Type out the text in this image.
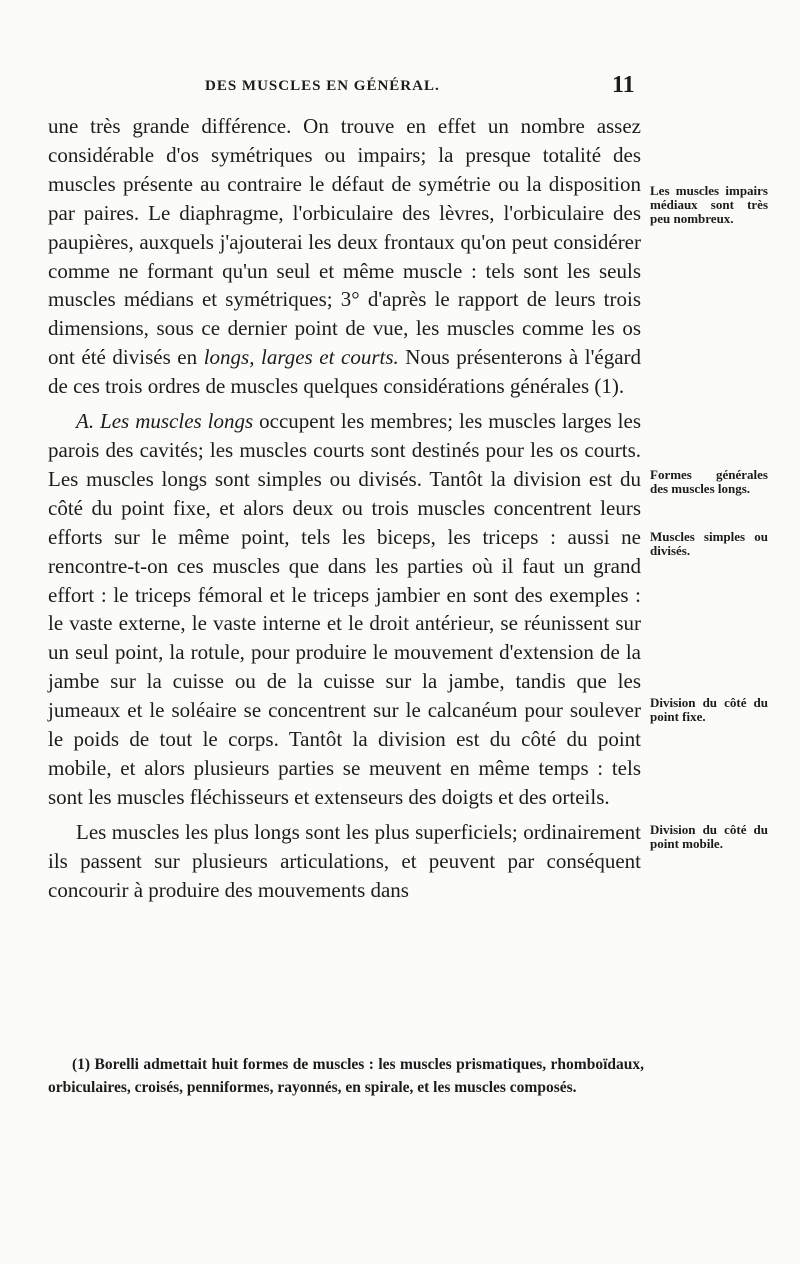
DES MUSCLES EN GÉNÉRAL.	11

une très grande différence. On trouve en effet un nombre assez considérable d'os symétriques ou impairs; la presque totalité des muscles présente au contraire le défaut de symétrie ou la disposition par paires. Le diaphragme, l'orbiculaire des lèvres, l'orbiculaire des paupières, auxquels j'ajouterai les deux frontaux qu'on peut considérer comme ne formant qu'un seul et même muscle : tels sont les seuls muscles médians et symétriques; 3° d'après le rapport de leurs trois dimensions, sous ce dernier point de vue, les muscles comme les os ont été divisés en longs, larges et courts. Nous présenterons à l'égard de ces trois ordres de muscles quelques considérations générales (1).

A. Les muscles longs occupent les membres; les muscles larges les parois des cavités; les muscles courts sont destinés pour les os courts. Les muscles longs sont simples ou divisés. Tantôt la division est du côté du point fixe, et alors deux ou trois muscles concentrent leurs efforts sur le même point, tels les biceps, les triceps : aussi ne rencontre-t-on ces muscles que dans les parties où il faut un grand effort : le triceps fémoral et le triceps jambier en sont des exemples : le vaste externe, le vaste interne et le droit antérieur, se réunissent sur un seul point, la rotule, pour produire le mouvement d'extension de la jambe sur la cuisse ou de la cuisse sur la jambe, tandis que les jumeaux et le soléaire se concentrent sur le calcanéum pour soulever le poids de tout le corps. Tantôt la division est du côté du point mobile, et alors plusieurs parties se meuvent en même temps : tels sont les muscles fléchisseurs et extenseurs des doigts et des orteils.

Les muscles les plus longs sont les plus superficiels; ordinairement ils passent sur plusieurs articulations, et peuvent par conséquent concourir à produire des mouvements dans

Les muscles impairs médiaux sont très peu nombreux.
Formes générales des muscles longs.
Muscles simples ou divisés.
Division du côté du point fixe.
Division du côté du point mobile.
(1) Borelli admettait huit formes de muscles : les muscles prismatiques, rhomboïdaux, orbiculaires, croisés, penniformes, rayonnés, en spirale, et les muscles composés.
